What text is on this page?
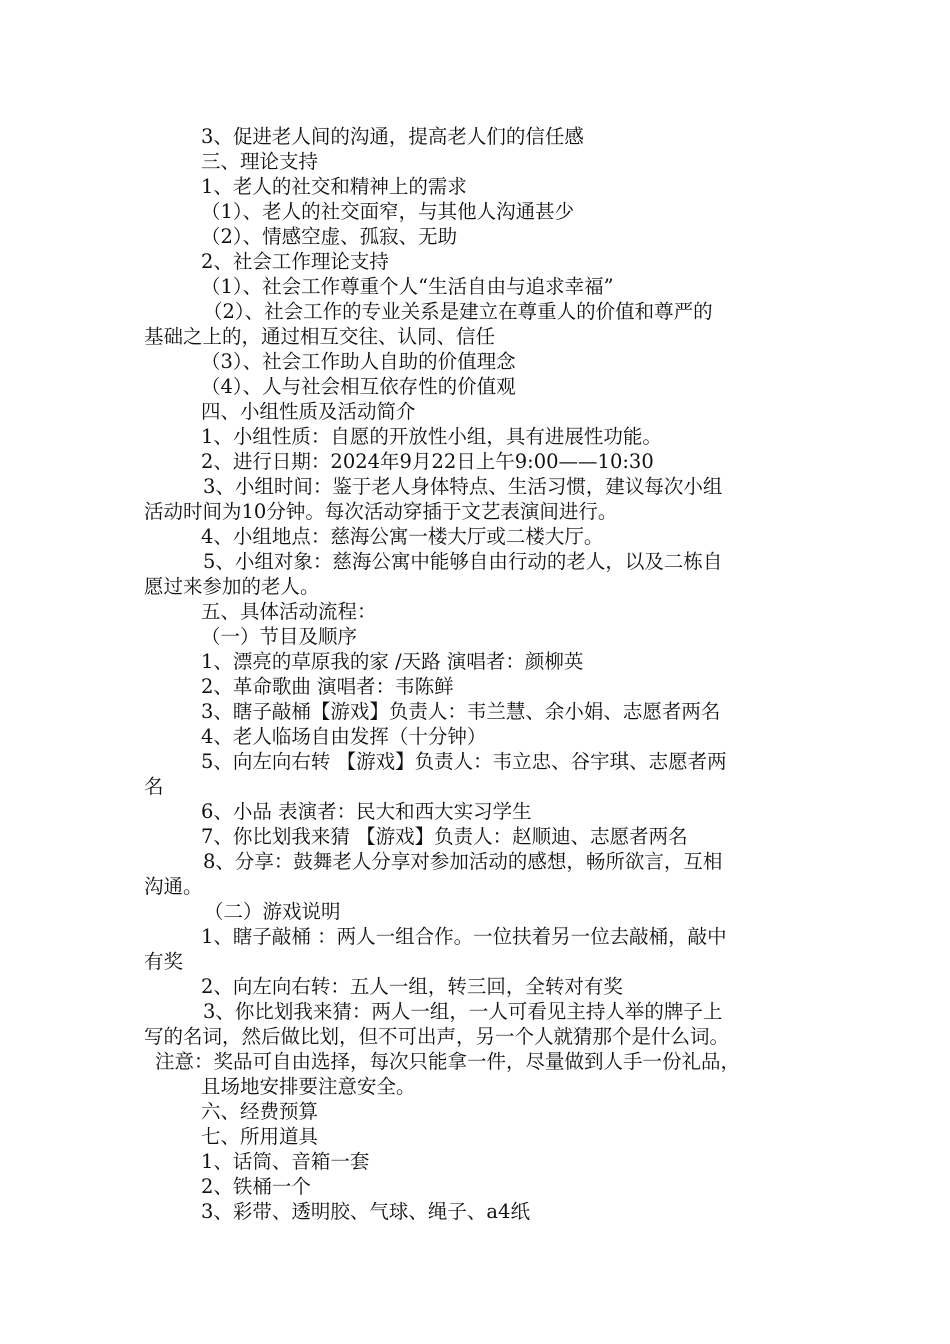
3、促进老人间的沟通，提高老人们的信任感
三、理论支持
1、老人的社交和精神上的需求
（1）、老人的社交面窄，与其他人沟通甚少
（2）、情感空虚、孤寂、无助
2、社会工作理论支持
（1）、社会工作尊重个人“生活自由与追求幸福”
（2）、社会工作的专业关系是建立在尊重人的价值和尊严的
基础之上的，通过相互交往、认同、信任
（3）、社会工作助人自助的价值理念
（4）、人与社会相互依存性的价值观
四、小组性质及活动简介
1、小组性质：自愿的开放性小组，具有进展性功能。
2、进行日期：2024年9月22日上午9:00——10:30
3、小组时间：鉴于老人身体特点、生活习惯，建议每次小组
活动时间为10分钟。每次活动穿插于文艺表演间进行。
4、小组地点：慈海公寓一楼大厅或二楼大厅。
5、小组对象：慈海公寓中能够自由行动的老人，以及二栋自
愿过来参加的老人。
五、具体活动流程：
（一）节目及顺序
1、漂亮的草原我的家 /天路 演唱者：颜柳英
2、革命歌曲 演唱者：韦陈鲜
3、瞎子敲桶【游戏】负责人：韦兰慧、余小娟、志愿者两名
4、老人临场自由发挥（十分钟）
5、向左向右转 【游戏】负责人：韦立忠、谷宇琪、志愿者两
名
6、小品 表演者：民大和西大实习学生
7、你比划我来猜 【游戏】负责人：赵顺迪、志愿者两名
8、分享：鼓舞老人分享对参加活动的感想，畅所欲言，互相
沟通。
（二）游戏说明
1、瞎子敲桶 ：两人一组合作。一位扶着另一位去敲桶，敲中
有奖
2、向左向右转：五人一组，转三回，全转对有奖
3、你比划我来猜：两人一组，一人可看见主持人举的牌子上
写的名词，然后做比划，但不可出声，另一个人就猜那个是什么词。
注意：奖品可自由选择，每次只能拿一件，尽量做到人手一份礼品，
且场地安排要注意安全。
六、经费预算
七、所用道具
1、话筒、音箱一套
2、铁桶一个
3、彩带、透明胶、气球、绳子、a4纸
